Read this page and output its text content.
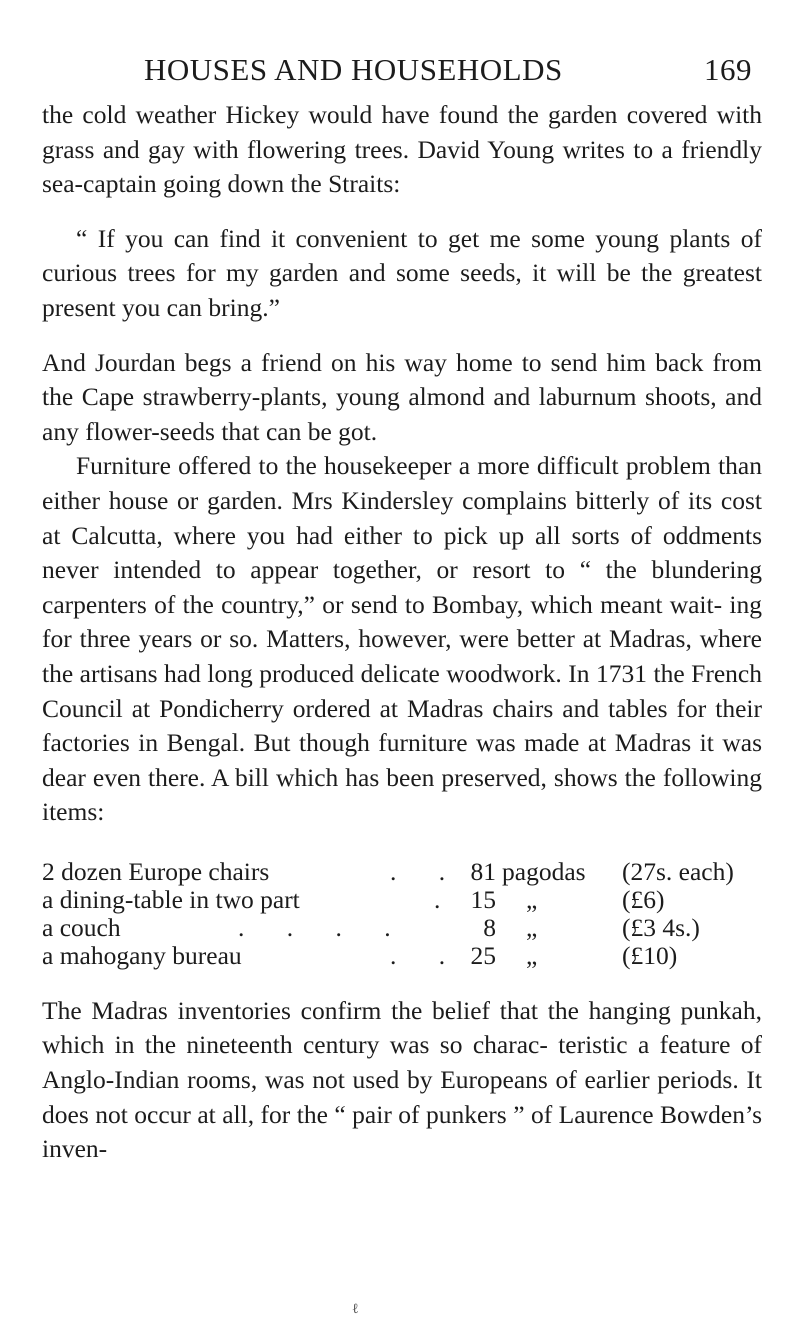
HOUSES AND HOUSEHOLDS	169

the cold weather Hickey would have found the garden covered with grass and gay with flowering trees. David Young writes to a friendly sea-captain going down the Straits:

“ If you can find it convenient to get me some young plants of curious trees for my garden and some seeds, it will be the greatest present you can bring.”

And Jourdan begs a friend on his way home to send him back from the Cape strawberry-plants, young almond and laburnum shoots, and any flower-seeds that can be got.

Furniture offered to the housekeeper a more difficult problem than either house or garden. Mrs Kindersley complains bitterly of its cost at Calcutta, where you had either to pick up all sorts of oddments never intended to appear together, or resort to “ the blundering carpenters of the country,” or send to Bombay, which meant wait- ing for three years or so. Matters, however, were better at Madras, where the artisans had long produced delicate woodwork. In 1731 the French Council at Pondicherry ordered at Madras chairs and tables for their factories in Bengal. But though furniture was made at Madras it was dear even there. A bill which has been preserved, shows the following items:

2 dozen Europe chairs	. . 81 pagodas (27s. each)
a dining-table in two part	. 15 „	(£6)
a couch	. . . .	8 „	(£3 4s.)
a mahogany bureau	. . 25 „	(£10)

The Madras inventories confirm the belief that the hanging punkah, which in the nineteenth century was so charac- teristic a feature of Anglo-Indian rooms, was not used by Europeans of earlier periods. It does not occur at all, for the “ pair of punkers ” of Laurence Bowden’s inven-

ℓ
